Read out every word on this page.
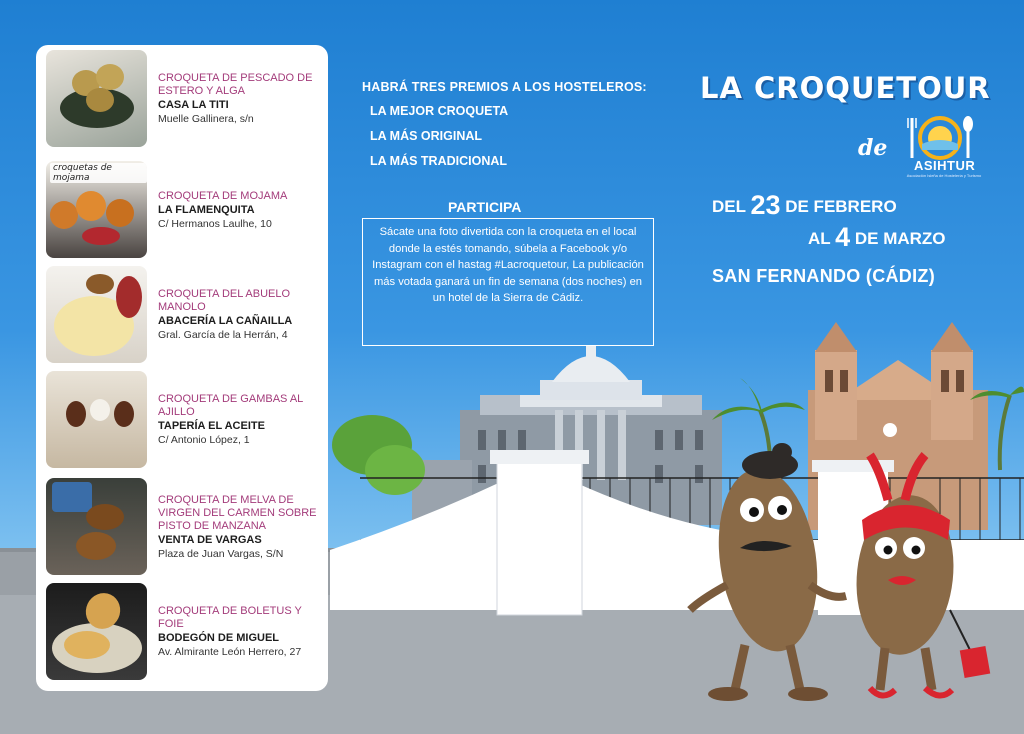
CROQUETA DE PESCADO DE ESTERO Y ALGA
CASA LA TITI
Muelle Gallinera, s/n
croquetas de mojama
CROQUETA DE MOJAMA
LA FLAMENQUITA
C/ Hermanos Laulhe, 10
CROQUETA DEL ABUELO MANOLO
ABACERÍA LA CAÑAILLA
Gral. García de la Herrán, 4
CROQUETA DE GAMBAS AL AJILLO
TAPERÍA EL ACEITE
C/ Antonio López, 1
CROQUETA DE MELVA DE VIRGEN DEL CARMEN SOBRE PISTO DE MANZANA
VENTA DE VARGAS
Plaza de Juan Vargas, S/N
CROQUETA DE BOLETUS Y FOIE
BODEGÓN DE MIGUEL
Av. Almirante León Herrero, 27
HABRÁ TRES PREMIOS A LOS HOSTELEROS:
LA MEJOR CROQUETA
LA MÁS ORIGINAL
LA MÁS TRADICIONAL
PARTICIPA
Sácate una foto divertida con la croqueta en el local donde la estés tomando, súbela a Facebook y/o Instagram con el hastag #Lacroquetour, La publicación más votada ganará un fin de semana (dos noches) en un hotel de la Sierra de Cádiz.
LA CROQUETOUR
de
ASIHTUR
Asociación Isleña de Hostelería y Turismo
DEL 23 DE FEBRERO
AL 4 DE MARZO
SAN FERNANDO (CÁDIZ)
